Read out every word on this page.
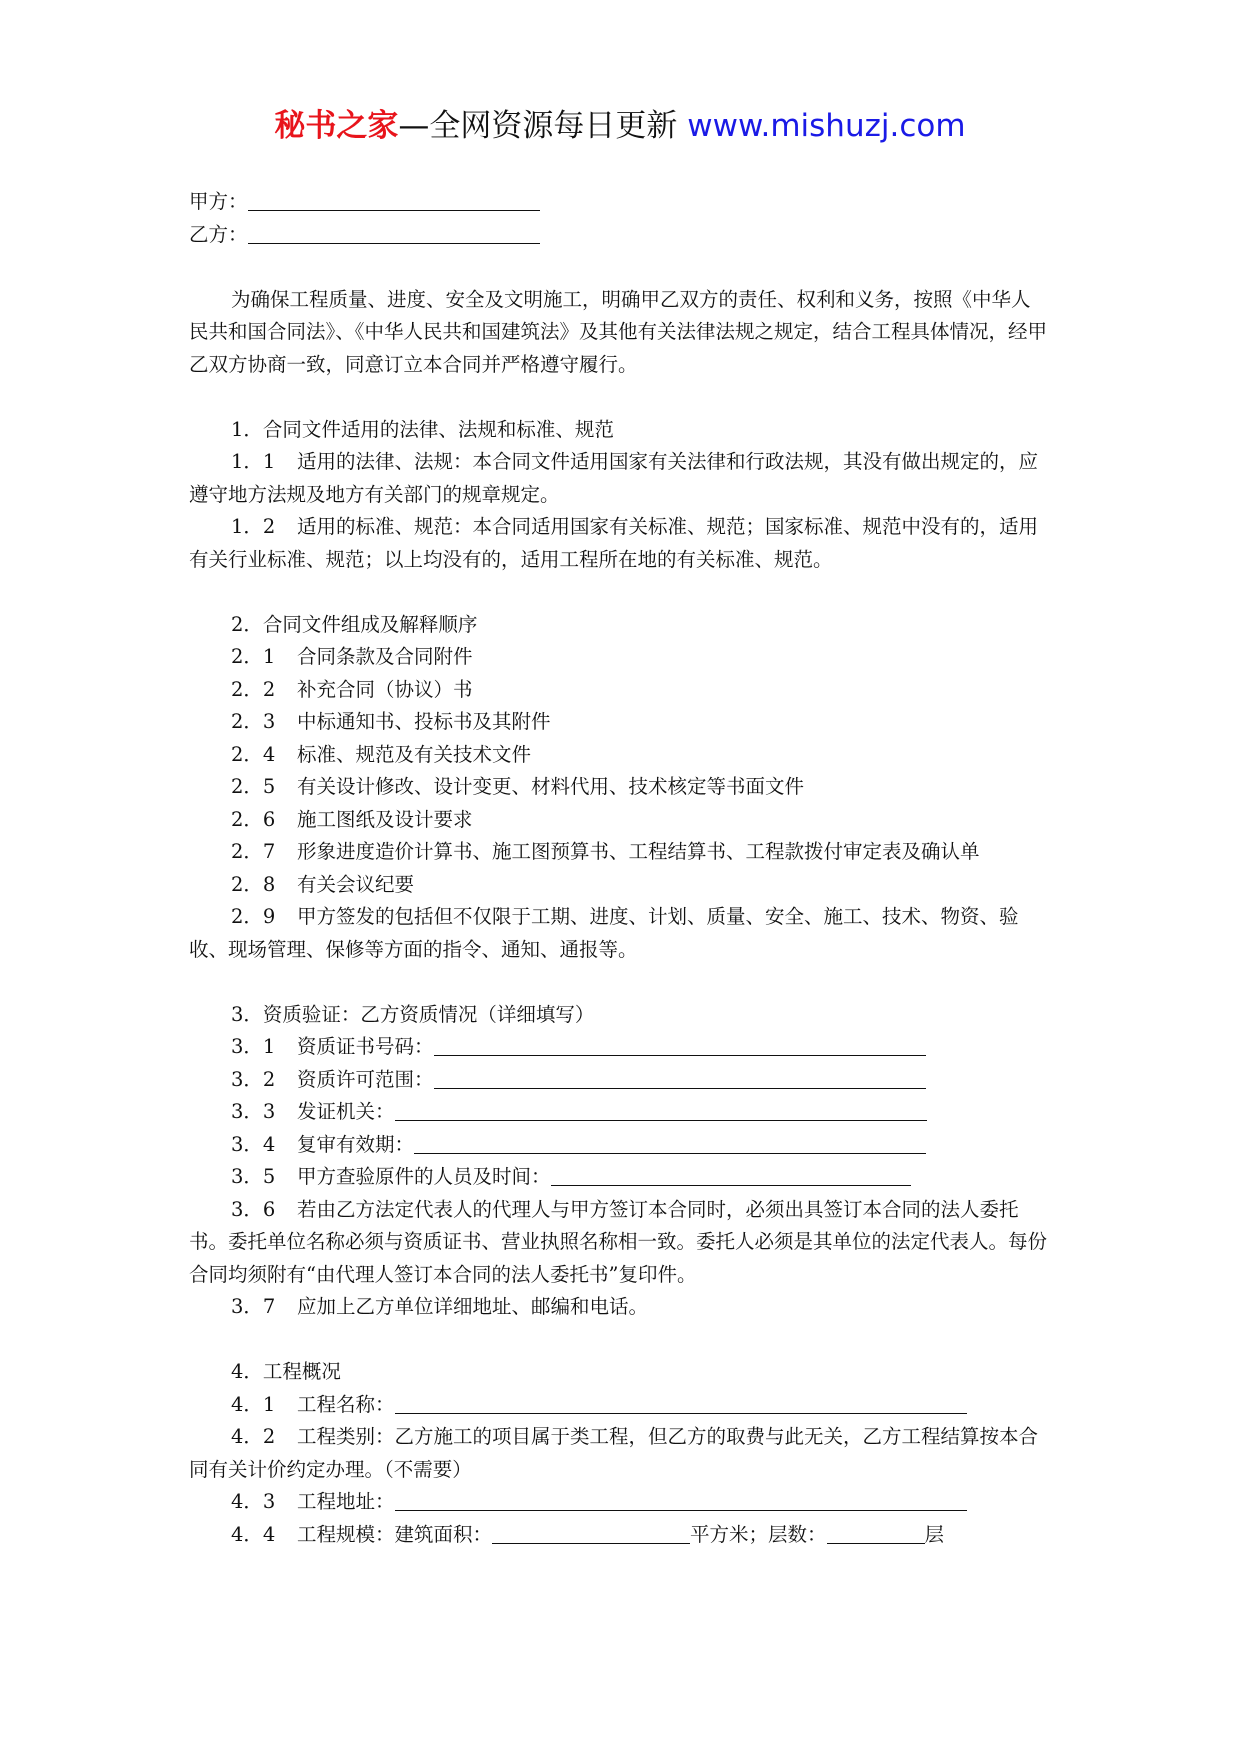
秘书之家—全网资源每日更新 www.mishuzj.com
甲方：
乙方：
为确保工程质量、进度、安全及文明施工，明确甲乙双方的责任、权利和义务，按照《中华人民共和国合同法》、《中华人民共和国建筑法》及其他有关法律法规之规定，结合工程具体情况，经甲乙双方协商一致，同意订立本合同并严格遵守履行。
1．合同文件适用的法律、法规和标准、规范
1．1 适用的法律、法规：本合同文件适用国家有关法律和行政法规，其没有做出规定的，应遵守地方法规及地方有关部门的规章规定。
1．2 适用的标准、规范：本合同适用国家有关标准、规范；国家标准、规范中没有的，适用有关行业标准、规范；以上均没有的，适用工程所在地的有关标准、规范。
2．合同文件组成及解释顺序
2．1 合同条款及合同附件
2．2 补充合同（协议）书
2．3 中标通知书、投标书及其附件
2．4 标准、规范及有关技术文件
2．5 有关设计修改、设计变更、材料代用、技术核定等书面文件
2．6 施工图纸及设计要求
2．7 形象进度造价计算书、施工图预算书、工程结算书、工程款拨付审定表及确认单
2．8 有关会议纪要
2．9 甲方签发的包括但不仅限于工期、进度、计划、质量、安全、施工、技术、物资、验收、现场管理、保修等方面的指令、通知、通报等。
3．资质验证：乙方资质情况（详细填写）
3．1 资质证书号码：
3．2 资质许可范围：
3．3 发证机关：
3．4 复审有效期：
3．5 甲方查验原件的人员及时间：
3．6 若由乙方法定代表人的代理人与甲方签订本合同时，必须出具签订本合同的法人委托书。委托单位名称必须与资质证书、营业执照名称相一致。委托人必须是其单位的法定代表人。每份合同均须附有“由代理人签订本合同的法人委托书”复印件。
3．7 应加上乙方单位详细地址、邮编和电话。
4．工程概况
4．1 工程名称：
4．2 工程类别：乙方施工的项目属于类工程，但乙方的取费与此无关，乙方工程结算按本合同有关计价约定办理。（不需要）
4．3 工程地址：
4．4 工程规模：建筑面积：	平方米；层数：	层
